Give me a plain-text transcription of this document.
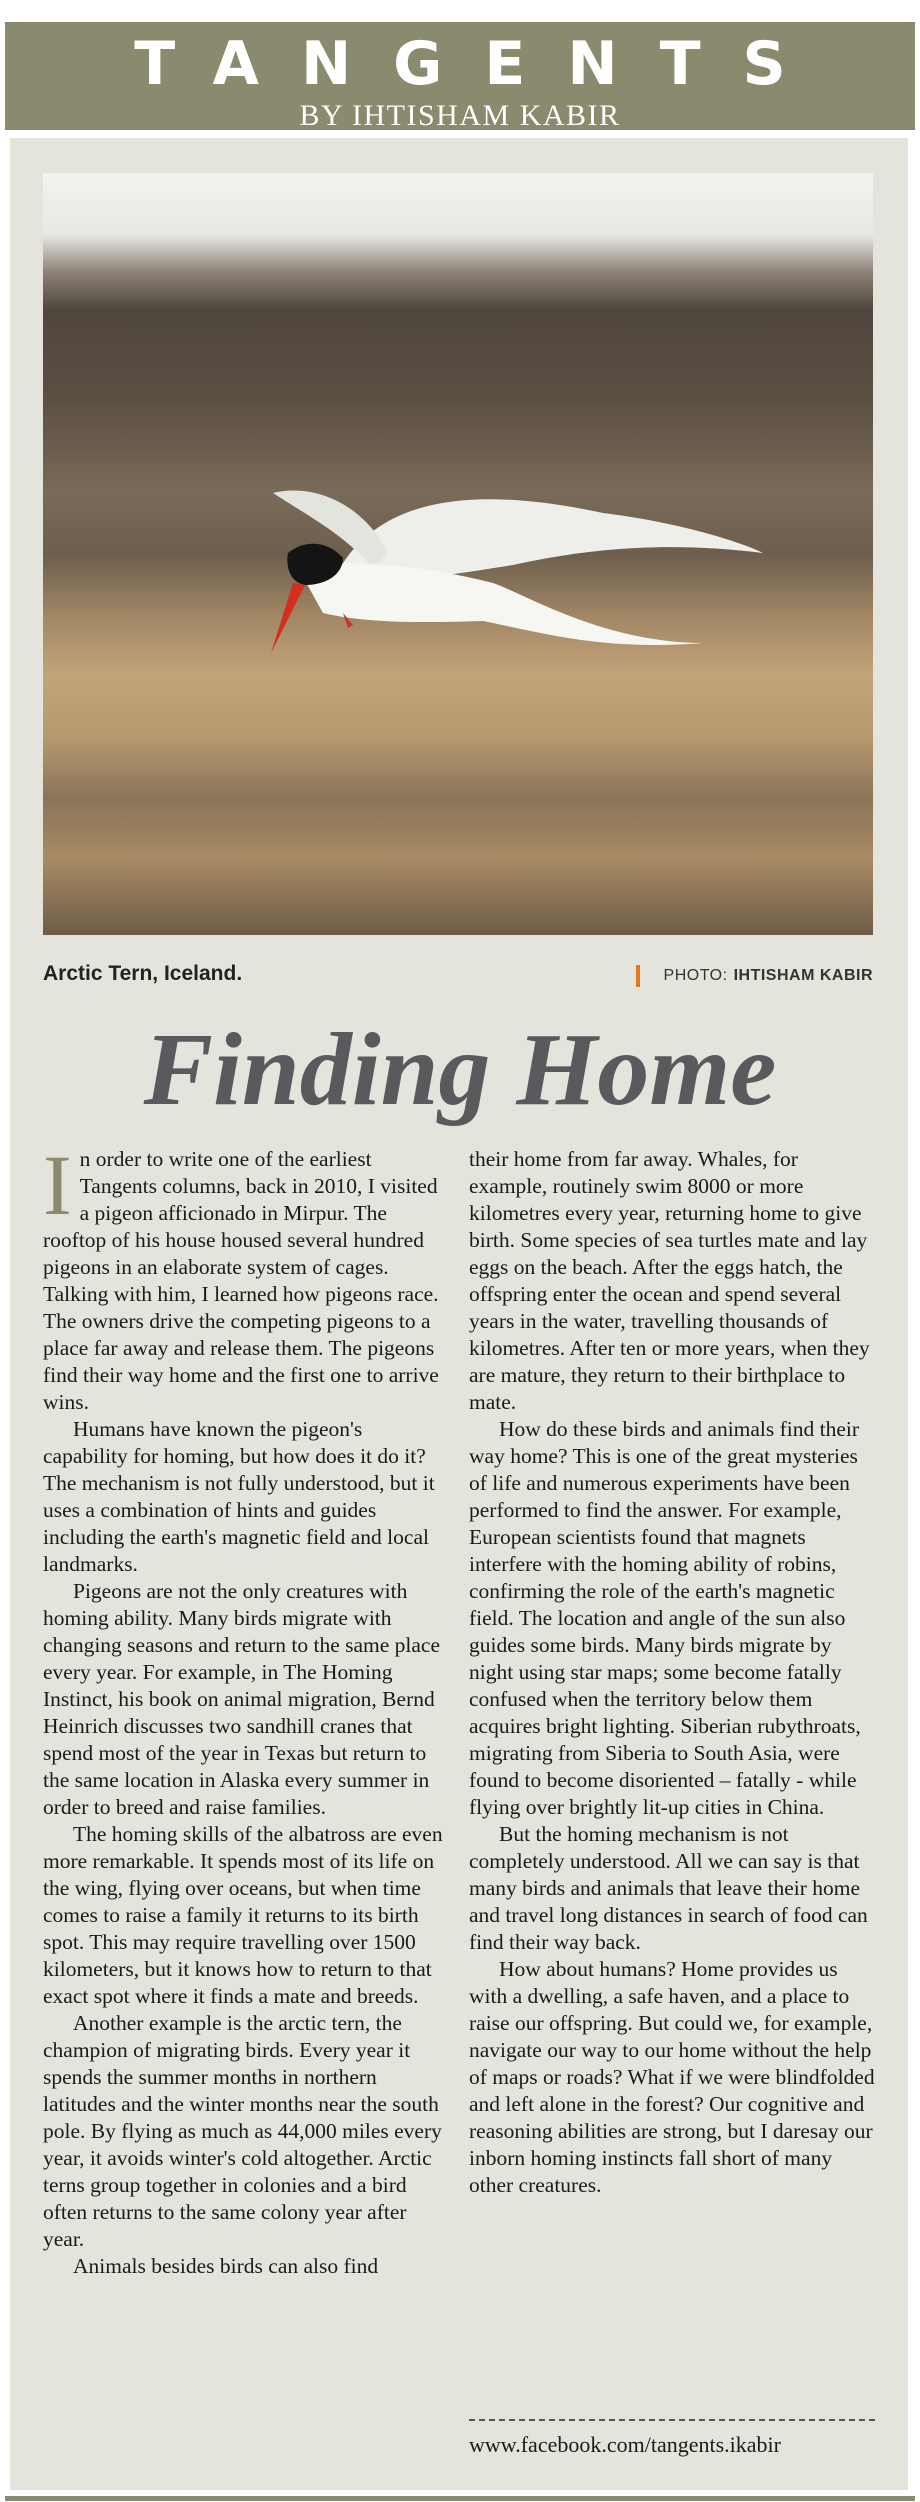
TANGENTS
BY IHTISHAM KABIR
Arctic Tern, Iceland.	PHOTO: IHTISHAM KABIR
Finding Home

In order to write one of the earliest Tangents columns, back in 2010, I visited a pigeon afficionado in Mirpur. The rooftop of his house housed several hundred pigeons in an elaborate system of cages. Talking with him, I learned how pigeons race. The owners drive the competing pigeons to a place far away and release them. The pigeons find their way home and the first one to arrive wins.

Humans have known the pigeon's capability for homing, but how does it do it? The mechanism is not fully understood, but it uses a combination of hints and guides including the earth's magnetic field and local landmarks.

Pigeons are not the only creatures with homing ability. Many birds migrate with changing seasons and return to the same place every year. For example, in The Homing Instinct, his book on animal migration, Bernd Heinrich discusses two sandhill cranes that spend most of the year in Texas but return to the same location in Alaska every summer in order to breed and raise families.

The homing skills of the albatross are even more remarkable. It spends most of its life on the wing, flying over oceans, but when time comes to raise a family it returns to its birth spot. This may require travelling over 1500 kilometers, but it knows how to return to that exact spot where it finds a mate and breeds.

Another example is the arctic tern, the champion of migrating birds. Every year it spends the summer months in northern latitudes and the winter months near the south pole. By flying as much as 44,000 miles every year, it avoids winter's cold altogether. Arctic terns group together in colonies and a bird often returns to the same colony year after year.

Animals besides birds can also find

their home from far away. Whales, for example, routinely swim 8000 or more kilometres every year, returning home to give birth. Some species of sea turtles mate and lay eggs on the beach. After the eggs hatch, the offspring enter the ocean and spend several years in the water, travelling thousands of kilometres. After ten or more years, when they are mature, they return to their birthplace to mate.

How do these birds and animals find their way home? This is one of the great mysteries of life and numerous experiments have been performed to find the answer. For example, European scientists found that magnets interfere with the homing ability of robins, confirming the role of the earth's magnetic field. The location and angle of the sun also guides some birds. Many birds migrate by night using star maps; some become fatally confused when the territory below them acquires bright lighting. Siberian rubythroats, migrating from Siberia to South Asia, were found to become disoriented – fatally - while flying over brightly lit-up cities in China.

But the homing mechanism is not completely understood. All we can say is that many birds and animals that leave their home and travel long distances in search of food can find their way back.

How about humans? Home provides us with a dwelling, a safe haven, and a place to raise our offspring. But could we, for example, navigate our way to our home without the help of maps or roads? What if we were blindfolded and left alone in the forest? Our cognitive and reasoning abilities are strong, but I daresay our inborn homing instincts fall short of many other creatures.

www.facebook.com/tangents.ikabir
